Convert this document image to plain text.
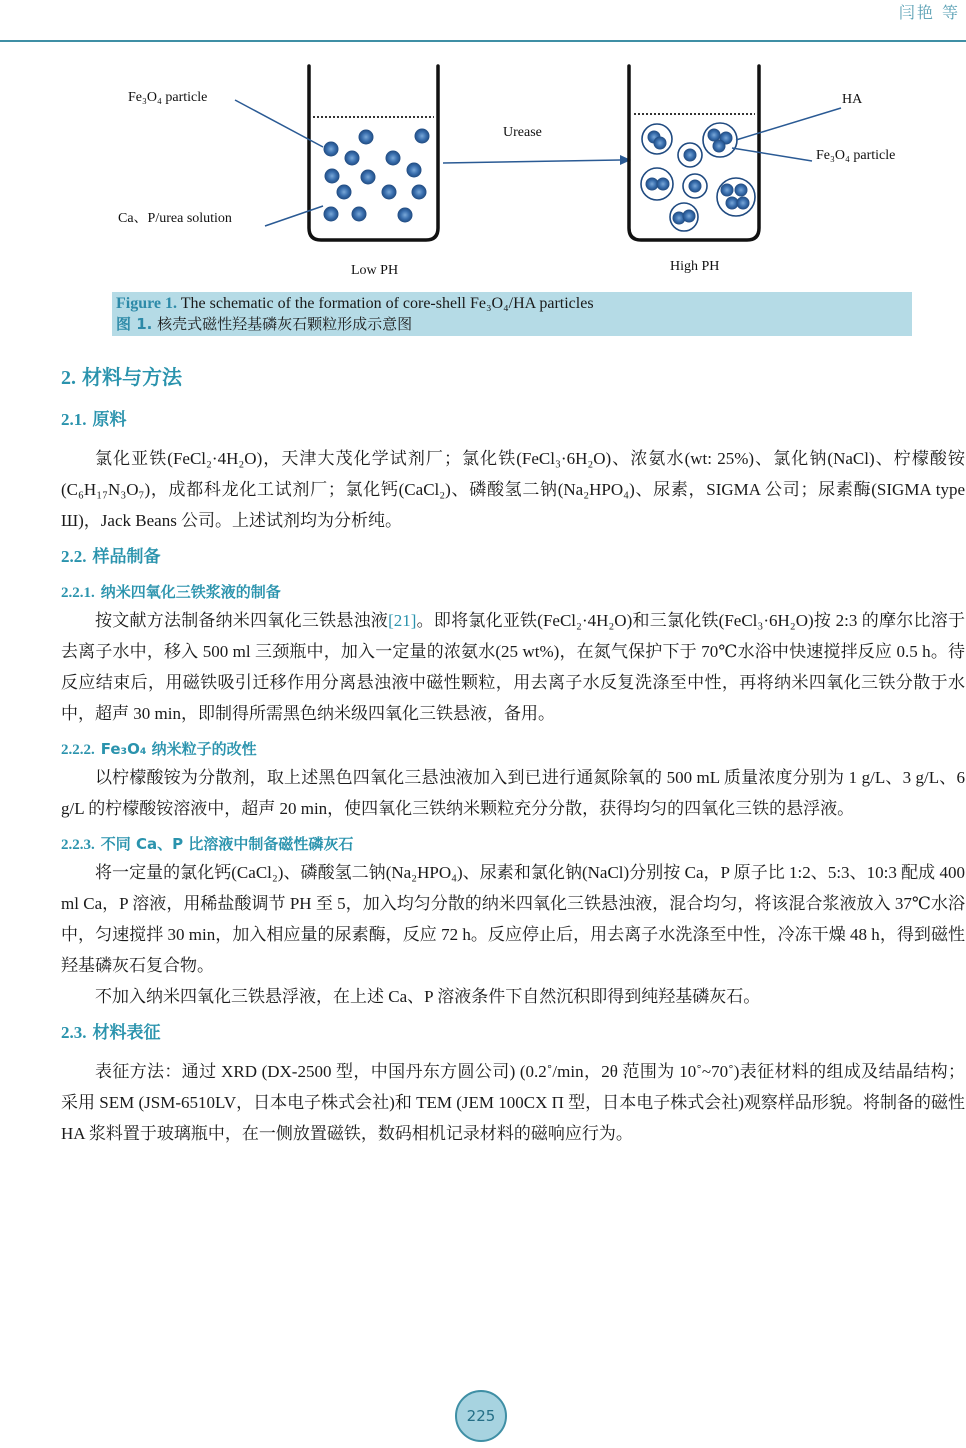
闫艳 等
Fe₃O₄ particle
Ca、P/urea solution
Low PH
Urease
HA
Fe₃O₄ particle
High PH
Figure 1. The schematic of the formation of core-shell Fe₃O₄/HA particles
图 1. 核壳式磁性羟基磷灰石颗粒形成示意图
2. 材料与方法
2.1. 原料

氯化亚铁(FeCl₂·4H₂O)，天津大茂化学试剂厂；氯化铁(FeCl₃·6H₂O)、浓氨水(wt: 25%)、氯化钠(NaCl)、柠檬酸铵(C₆H₁₇N₃O₇)，成都科龙化工试剂厂；氯化钙(CaCl₂)、磷酸氢二钠(Na₂HPO₄)、尿素，SIGMA 公司；尿素酶(SIGMA type Ш)，Jack Beans 公司。上述试剂均为分析纯。

2.2. 样品制备
2.2.1. 纳米四氧化三铁浆液的制备

按文献方法制备纳米四氧化三铁悬浊液[21]。即将氯化亚铁(FeCl₂·4H₂O)和三氯化铁(FeCl₃·6H₂O)按 2:3 的摩尔比溶于去离子水中，移入 500 ml 三颈瓶中，加入一定量的浓氨水(25 wt%)，在氮气保护下于 70℃水浴中快速搅拌反应 0.5 h。待反应结束后，用磁铁吸引迁移作用分离悬浊液中磁性颗粒，用去离子水反复洗涤至中性，再将纳米四氧化三铁分散于水中，超声 30 min，即制得所需黑色纳米级四氧化三铁悬液，备用。

2.2.2. Fe₃O₄ 纳米粒子的改性

以柠檬酸铵为分散剂，取上述黑色四氧化三悬浊液加入到已进行通氮除氧的 500 mL 质量浓度分别为 1 g/L、3 g/L、6 g/L 的柠檬酸铵溶液中，超声 20 min，使四氧化三铁纳米颗粒充分分散，获得均匀的四氧化三铁的悬浮液。

2.2.3. 不同 Ca、P 比溶液中制备磁性磷灰石

将一定量的氯化钙(CaCl₂)、磷酸氢二钠(Na₂HPO₄)、尿素和氯化钠(NaCl)分别按 Ca，P 原子比 1:2、5:3、10:3 配成 400 ml Ca，P 溶液，用稀盐酸调节 PH 至 5，加入均匀分散的纳米四氧化三铁悬浊液，混合均匀，将该混合浆液放入 37℃水浴中，匀速搅拌 30 min，加入相应量的尿素酶，反应 72 h。反应停止后，用去离子水洗涤至中性，冷冻干燥 48 h，得到磁性羟基磷灰石复合物。

不加入纳米四氧化三铁悬浮液，在上述 Ca、P 溶液条件下自然沉积即得到纯羟基磷灰石。

2.3. 材料表征

表征方法：通过 XRD (DX-2500 型，中国丹东方圆公司) (0.2˚/min，2θ 范围为 10˚~70˚)表征材料的组成及结晶结构；采用 SEM (JSM-6510LV，日本电子株式会社)和 TEM (JEM 100CX Π 型，日本电子株式会社)观察样品形貌。将制备的磁性 HA 浆料置于玻璃瓶中，在一侧放置磁铁，数码相机记录材料的磁响应行为。

225
